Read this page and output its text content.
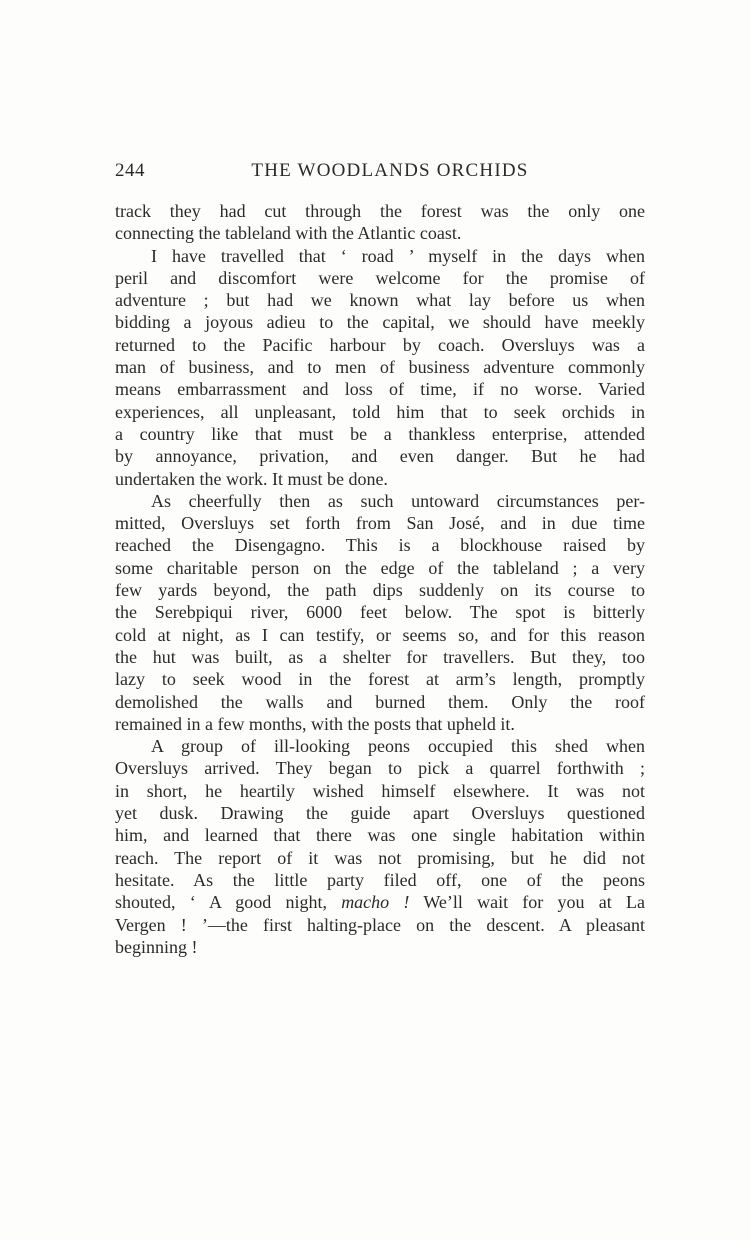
244	THE WOODLANDS ORCHIDS

track they had cut through the forest was the only one
connecting the tableland with the Atlantic coast.

I have travelled that ‘ road ’ myself in the days when
peril and discomfort were welcome for the promise of
adventure ; but had we known what lay before us when
bidding a joyous adieu to the capital, we should have meekly
returned to the Pacific harbour by coach. Oversluys was a
man of business, and to men of business adventure commonly
means embarrassment and loss of time, if no worse. Varied
experiences, all unpleasant, told him that to seek orchids in
a country like that must be a thankless enterprise, attended
by annoyance, privation, and even danger. But he had
undertaken the work. It must be done.

As cheerfully then as such untoward circumstances per-
mitted, Oversluys set forth from San José, and in due time
reached the Disengagno. This is a blockhouse raised by
some charitable person on the edge of the tableland ; a very
few yards beyond, the path dips suddenly on its course to
the Serebpiqui river, 6000 feet below. The spot is bitterly
cold at night, as I can testify, or seems so, and for this reason
the hut was built, as a shelter for travellers. But they, too
lazy to seek wood in the forest at arm’s length, promptly
demolished the walls and burned them. Only the roof
remained in a few months, with the posts that upheld it.

A group of ill-looking peons occupied this shed when
Oversluys arrived. They began to pick a quarrel forthwith ;
in short, he heartily wished himself elsewhere. It was not
yet dusk. Drawing the guide apart Oversluys questioned
him, and learned that there was one single habitation within
reach. The report of it was not promising, but he did not
hesitate. As the little party filed off, one of the peons
shouted, ‘ A good night, macho ! We’ll wait for you at La
Vergen ! ’—the first halting-place on the descent. A pleasant
beginning !
